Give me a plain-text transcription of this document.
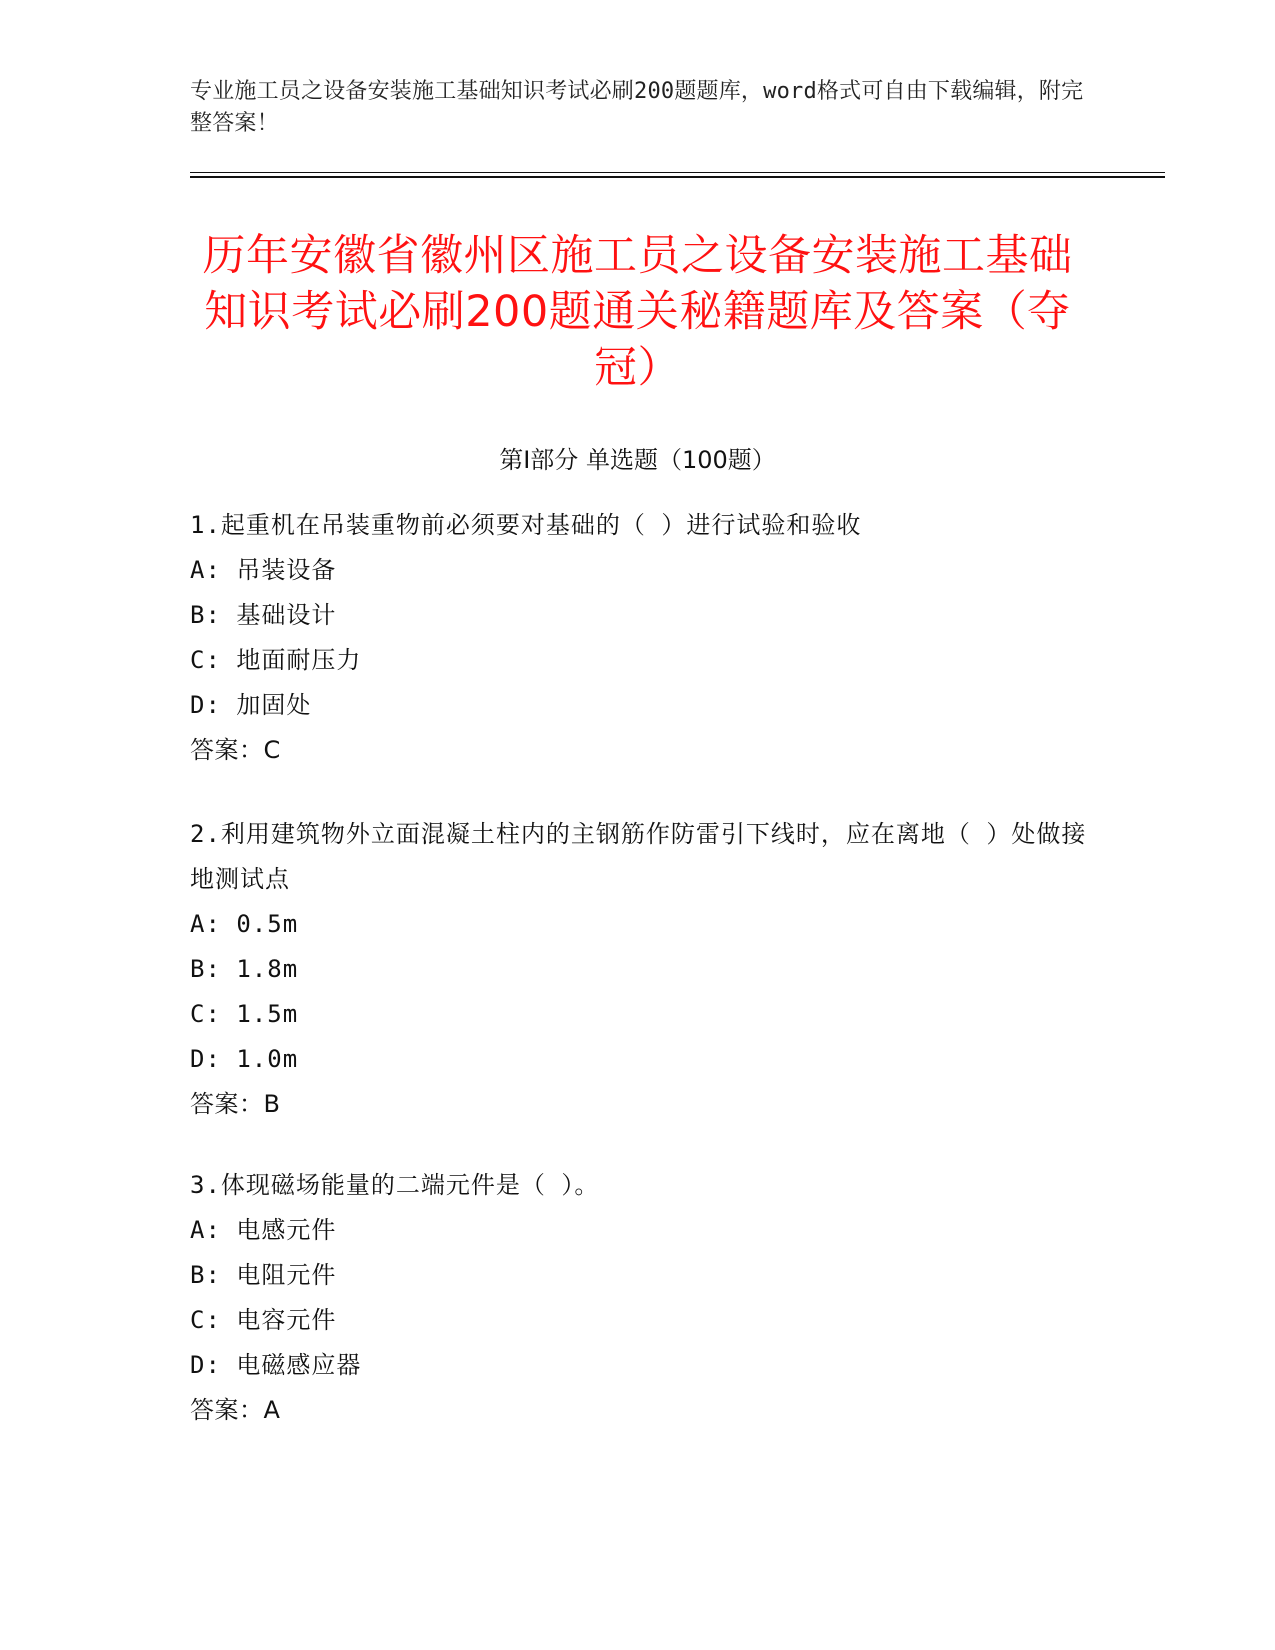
专业施工员之设备安装施工基础知识考试必刷200题题库，word格式可自由下载编辑，附完整答案！
历年安徽省徽州区施工员之设备安装施工基础知识考试必刷200题通关秘籍题库及答案（夺冠）
第Ⅰ部分 单选题（100题）
1.起重机在吊装重物前必须要对基础的（ ）进行试验和验收
A: 吊装设备
B: 基础设计
C: 地面耐压力
D: 加固处
答案：C
2.利用建筑物外立面混凝土柱内的主钢筋作防雷引下线时，应在离地（ ）处做接地测试点
A: 0.5m
B: 1.8m
C: 1.5m
D: 1.0m
答案：B
3.体现磁场能量的二端元件是（ ）。
A: 电感元件
B: 电阻元件
C: 电容元件
D: 电磁感应器
答案：A
